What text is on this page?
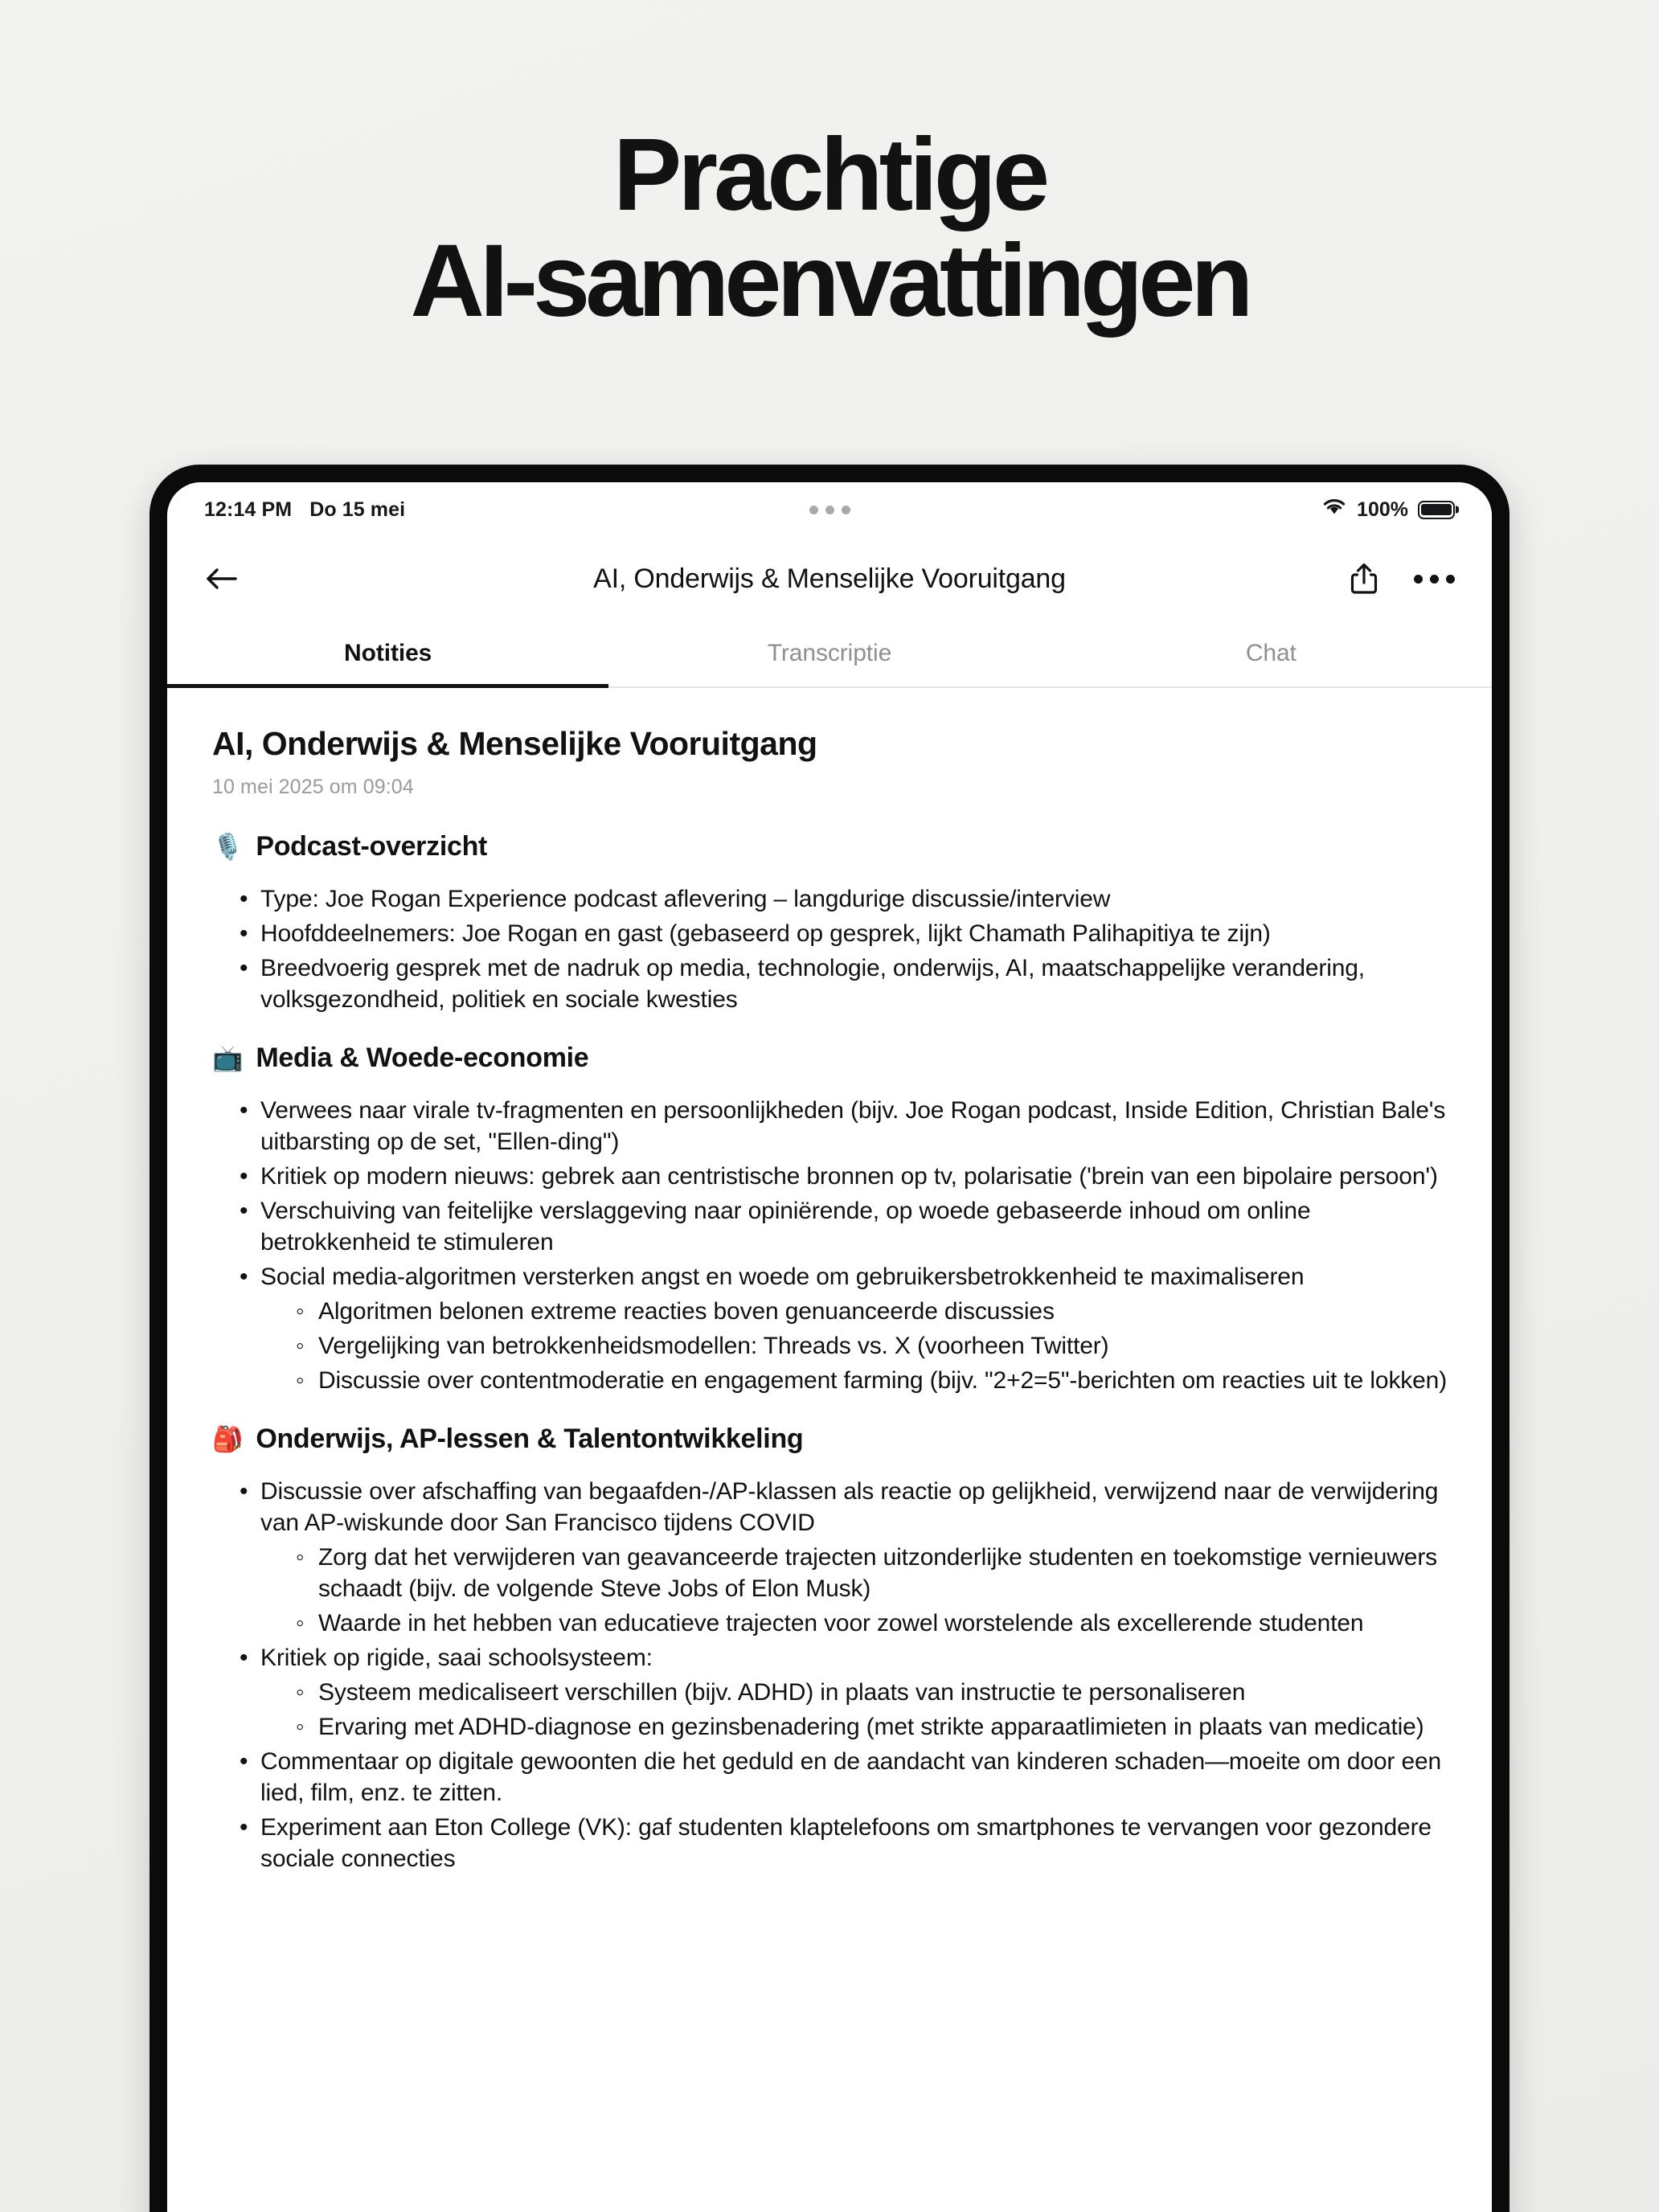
Prachtige
AI-samenvattingen
12:14 PM Do 15 mei	100%
AI, Onderwijs & Menselijke Vooruitgang
Notities	Transcriptie	Chat
AI, Onderwijs & Menselijke Vooruitgang
10 mei 2025 om 09:04
🎙️ Podcast-overzicht
• Type: Joe Rogan Experience podcast aflevering – langdurige discussie/interview
• Hoofddeelnemers: Joe Rogan en gast (gebaseerd op gesprek, lijkt Chamath Palihapitiya te zijn)
• Breedvoerig gesprek met de nadruk op media, technologie, onderwijs, AI, maatschappelijke verandering, volksgezondheid, politiek en sociale kwesties
📺 Media & Woede-economie
• Verwees naar virale tv-fragmenten en persoonlijkheden (bijv. Joe Rogan podcast, Inside Edition, Christian Bale's uitbarsting op de set, "Ellen-ding")
• Kritiek op modern nieuws: gebrek aan centristische bronnen op tv, polarisatie ('brein van een bipolaire persoon')
• Verschuiving van feitelijke verslaggeving naar opiniërende, op woede gebaseerde inhoud om online betrokkenheid te stimuleren
• Social media-algoritmen versterken angst en woede om gebruikersbetrokkenheid te maximaliseren
◦ Algoritmen belonen extreme reacties boven genuanceerde discussies
◦ Vergelijking van betrokkenheidsmodellen: Threads vs. X (voorheen Twitter)
◦ Discussie over contentmoderatie en engagement farming (bijv. "2+2=5"-berichten om reacties uit te lokken)
🎒 Onderwijs, AP-lessen & Talentontwikkeling
• Discussie over afschaffing van begaafden-/AP-klassen als reactie op gelijkheid, verwijzend naar de verwijdering van AP-wiskunde door San Francisco tijdens COVID
◦ Zorg dat het verwijderen van geavanceerde trajecten uitzonderlijke studenten en toekomstige vernieuwers schaadt (bijv. de volgende Steve Jobs of Elon Musk)
◦ Waarde in het hebben van educatieve trajecten voor zowel worstelende als excellerende studenten
• Kritiek op rigide, saai schoolsysteem:
◦ Systeem medicaliseert verschillen (bijv. ADHD) in plaats van instructie te personaliseren
◦ Ervaring met ADHD-diagnose en gezinsbenadering (met strikte apparaatlimieten in plaats van medicatie)
• Commentaar op digitale gewoonten die het geduld en de aandacht van kinderen schaden—moeite om door een lied, film, enz. te zitten.
• Experiment aan Eton College (VK): gaf studenten klaptelefoons om smartphones te vervangen voor gezondere sociale connecties
